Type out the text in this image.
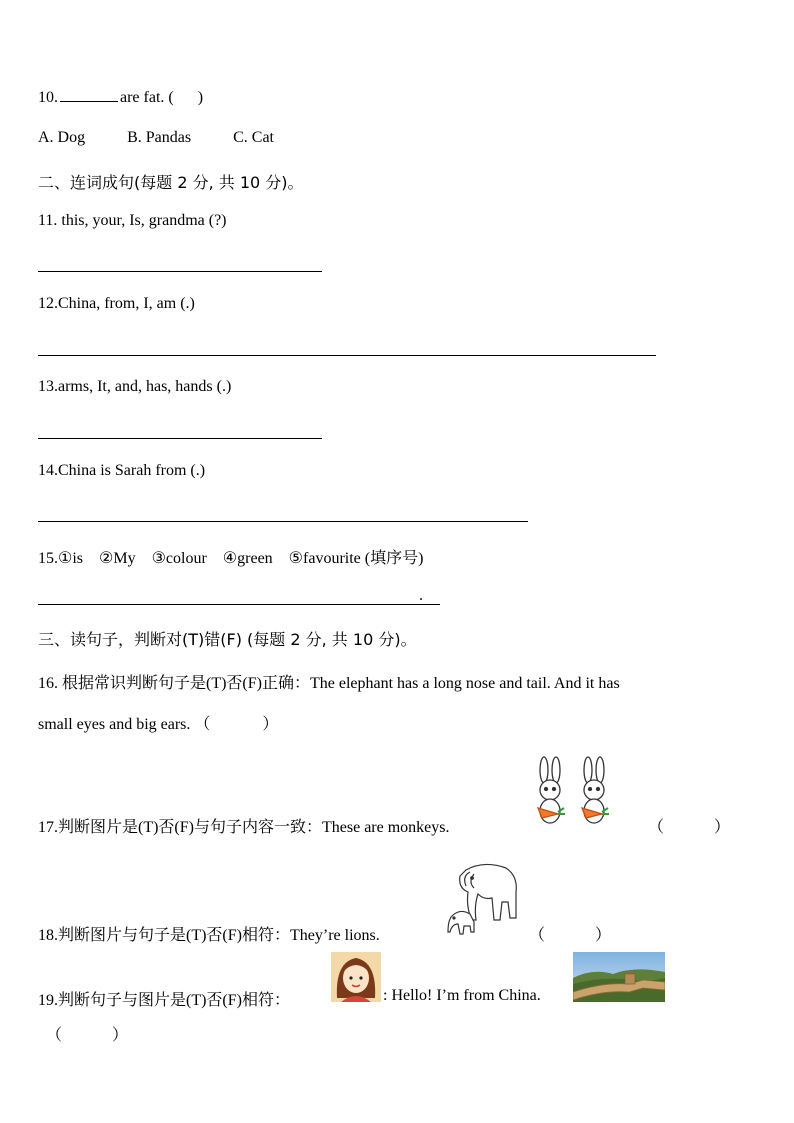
10.	are fat. ( )
A. Dog	B. Pandas	C. Cat
二、连词成句(每题 2 分, 共 10 分)。
11. this, your, Is, grandma (?)
12.China, from, I, am (.)
13.arms, It, and, has, hands (.)
14.China is Sarah from (.)
15.①is    ②My    ③colour    ④green    ⑤favourite (填序号)
.
三、读句子，判断对(T)错(F) (每题 2 分, 共 10 分)。
16. 根据常识判断句子是(T)否(F)正确：The elephant has a long nose and tail. And it has
small eyes and big ears. （	）
17.判断图片是(T)否(F)与句子内容一致：These are monkeys.	（	）
18.判断图片与句子是(T)否(F)相符：They’re lions.	（	）
19.判断句子与图片是(T)否(F)相符：	: Hello! I’m from China.
（	）
